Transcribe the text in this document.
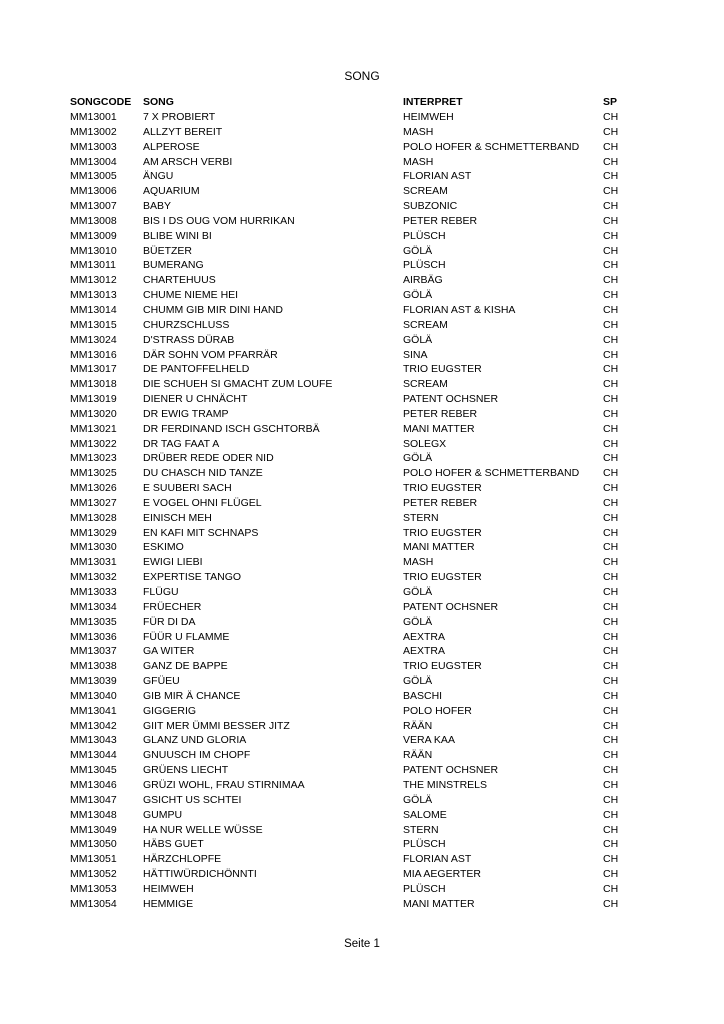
SONG
SONGCODE SONG	INTERPRET	SP
MM13001	7 X PROBIERT	HEIMWEH	CH
MM13002	ALLZYT BEREIT	MASH	CH
MM13003	ALPEROSE	POLO HOFER & SCHMETTERBAND CH
MM13004	AM ARSCH VERBI	MASH	CH
MM13005	ÄNGU	FLORIAN AST	CH
MM13006	AQUARIUM	SCREAM	CH
MM13007	BABY	SUBZONIC	CH
MM13008	BIS I DS OUG VOM HURRIKAN	PETER REBER	CH
MM13009	BLIBE WINI BI	PLÜSCH	CH
MM13010	BÜETZER	GÖLÄ	CH
MM13011	BUMERANG	PLÜSCH	CH
MM13012	CHARTEHUUS	AIRBÄG	CH
MM13013	CHUME NIEME HEI	GÖLÄ	CH
MM13014	CHUMM GIB MIR DINI HAND	FLORIAN AST & KISHA	CH
MM13015	CHURZSCHLUSS	SCREAM	CH
MM13024	D'STRASS DÜRAB	GÖLÄ	CH
MM13016	DÄR SOHN VOM PFARRÄR	SINA	CH
MM13017	DE PANTOFFELHELD	TRIO EUGSTER	CH
MM13018	DIE SCHUEH SI GMACHT ZUM LOUFE	SCREAM	CH
MM13019	DIENER U CHNÄCHT	PATENT OCHSNER	CH
MM13020	DR EWIG TRAMP	PETER REBER	CH
MM13021	DR FERDINAND ISCH GSCHTORBÄ	MANI MATTER	CH
MM13022	DR TAG FAAT A	SOLEGX	CH
MM13023	DRÜBER REDE ODER NID	GÖLÄ	CH
MM13025	DU CHASCH NID TANZE	POLO HOFER & SCHMETTERBAND CH
MM13026	E SUUBERI SACH	TRIO EUGSTER	CH
MM13027	E VOGEL OHNI FLÜGEL	PETER REBER	CH
MM13028	EINISCH MEH	STERN	CH
MM13029	EN KAFI MIT SCHNAPS	TRIO EUGSTER	CH
MM13030	ESKIMO	MANI MATTER	CH
MM13031	EWIGI LIEBI	MASH	CH
MM13032	EXPERTISE TANGO	TRIO EUGSTER	CH
MM13033	FLÜGU	GÖLÄ	CH
MM13034	FRÜECHER	PATENT OCHSNER	CH
MM13035	FÜR DI DA	GÖLÄ	CH
MM13036	FÜÜR U FLAMME	AEXTRA	CH
MM13037	GA WITER	AEXTRA	CH
MM13038	GANZ DE BAPPE	TRIO EUGSTER	CH
MM13039	GFÜEU	GÖLÄ	CH
MM13040	GIB MIR Ä CHANCE	BASCHI	CH
MM13041	GIGGERIG	POLO HOFER	CH
MM13042	GIIT MER ÜMMI BESSER JITZ	RÄÄN	CH
MM13043	GLANZ UND GLORIA	VERA KAA	CH
MM13044	GNUUSCH IM CHOPF	RÄÄN	CH
MM13045	GRÜENS LIECHT	PATENT OCHSNER	CH
MM13046	GRÜZI WOHL, FRAU STIRNIMAA	THE MINSTRELS	CH
MM13047	GSICHT US SCHTEI	GÖLÄ	CH
MM13048	GUMPU	SALOME	CH
MM13049	HA NUR WELLE WÜSSE	STERN	CH
MM13050	HÄBS GUET	PLÜSCH	CH
MM13051	HÄRZCHLOPFE	FLORIAN AST	CH
MM13052	HÄTTIWÜRDICHÖNNTI	MIA AEGERTER	CH
MM13053	HEIMWEH	PLÜSCH	CH
MM13054	HEMMIGE	MANI MATTER	CH
Seite 1
